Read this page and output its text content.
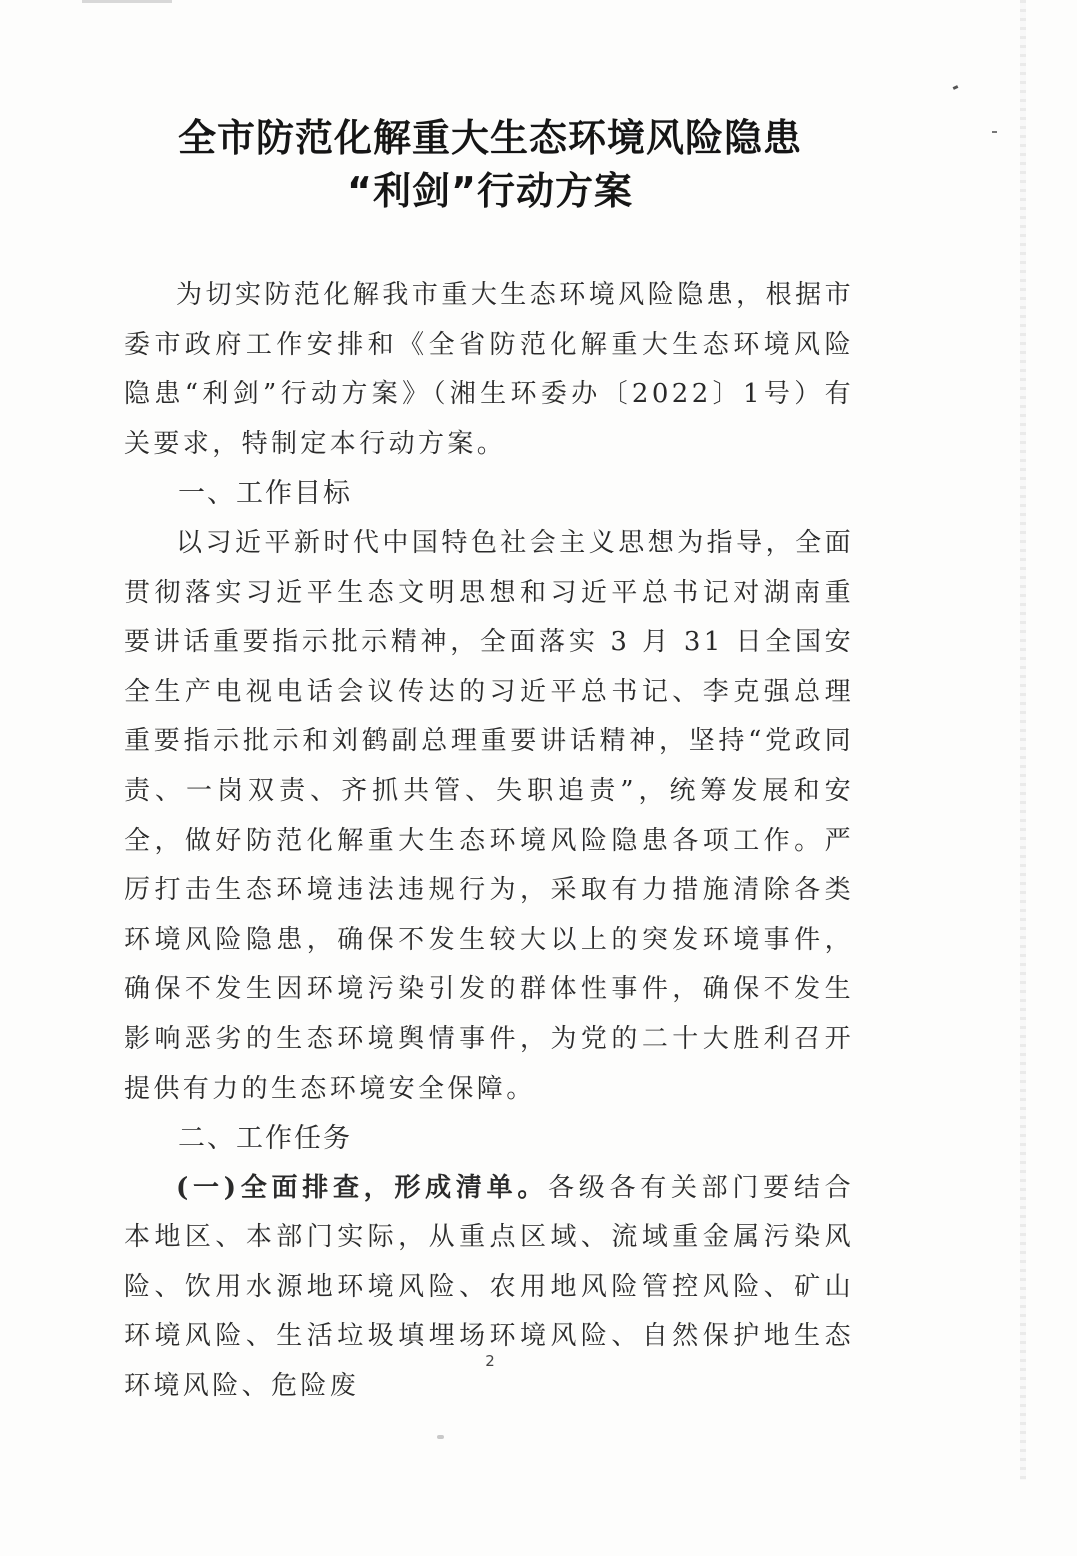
全市防范化解重大生态环境风险隐患
“利剑”行动方案

为切实防范化解我市重大生态环境风险隐患，根据市委市政府工作安排和《全省防范化解重大生态环境风险隐患“利剑”行动方案》（湘生环委办〔2022〕1号）有关要求，特制定本行动方案。

一、工作目标

以习近平新时代中国特色社会主义思想为指导，全面贯彻落实习近平生态文明思想和习近平总书记对湖南重要讲话重要指示批示精神，全面落实 3 月 31 日全国安全生产电视电话会议传达的习近平总书记、李克强总理重要指示批示和刘鹤副总理重要讲话精神，坚持“党政同责、一岗双责、齐抓共管、失职追责”，统筹发展和安全，做好防范化解重大生态环境风险隐患各项工作。严厉打击生态环境违法违规行为，采取有力措施清除各类环境风险隐患，确保不发生较大以上的突发环境事件，确保不发生因环境污染引发的群体性事件，确保不发生影响恶劣的生态环境舆情事件，为党的二十大胜利召开提供有力的生态环境安全保障。

二、工作任务

(一)全面排查，形成清单。各级各有关部门要结合本地区、本部门实际，从重点区域、流域重金属污染风险、饮用水源地环境风险、农用地风险管控风险、矿山环境风险、生活垃圾填埋场环境风险、自然保护地生态环境风险、危险废

2
